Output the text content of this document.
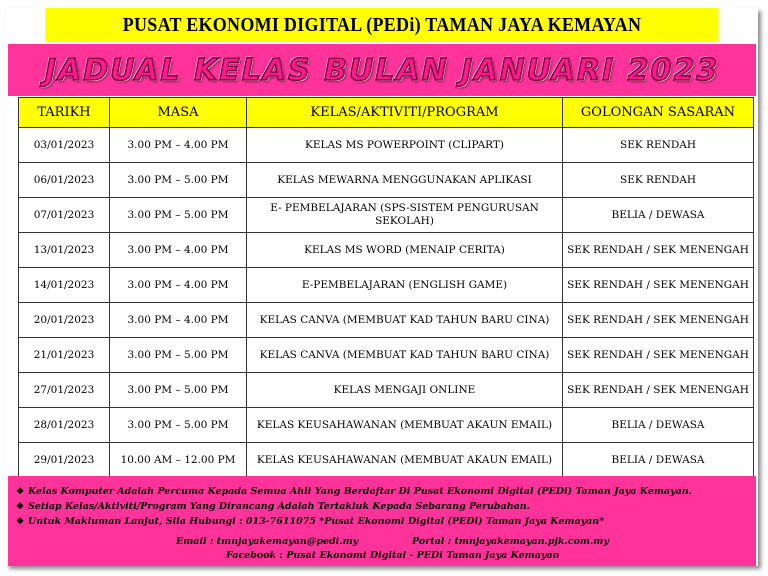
PUSAT EKONOMI DIGITAL (PEDi) TAMAN JAYA KEMAYAN
JADUAL KELAS BULAN JANUARI 2023
TARIKH	MASA	KELAS/AKTIVITI/PROGRAM	GOLONGAN SASARAN
03/01/2023	3.00 PM – 4.00 PM	KELAS MS POWERPOINT (CLIPART)	SEK RENDAH
06/01/2023	3.00 PM – 5.00 PM	KELAS MEWARNA MENGGUNAKAN APLIKASI	SEK RENDAH
07/01/2023	3.00 PM – 5.00 PM	E- PEMBELAJARAN (SPS-SISTEM PENGURUSAN SEKOLAH)	BELIA / DEWASA
13/01/2023	3.00 PM – 4.00 PM	KELAS MS WORD (MENAIP CERITA)	SEK RENDAH / SEK MENENGAH
14/01/2023	3.00 PM – 4.00 PM	E-PEMBELAJARAN (ENGLISH GAME)	SEK RENDAH / SEK MENENGAH
20/01/2023	3.00 PM – 4.00 PM	KELAS CANVA (MEMBUAT KAD TAHUN BARU CINA)	SEK RENDAH / SEK MENENGAH
21/01/2023	3.00 PM – 5.00 PM	KELAS CANVA (MEMBUAT KAD TAHUN BARU CINA)	SEK RENDAH / SEK MENENGAH
27/01/2023	3.00 PM – 5.00 PM	KELAS MENGAJI ONLINE	SEK RENDAH / SEK MENENGAH
28/01/2023	3.00 PM – 5.00 PM	KELAS KEUSAHAWANAN (MEMBUAT AKAUN EMAIL)	BELIA / DEWASA
29/01/2023	10.00 AM – 12.00 PM	KELAS KEUSAHAWANAN (MEMBUAT AKAUN EMAIL)	BELIA / DEWASA
❖ Kelas Komputer Adalah Percuma Kepada Semua Ahli Yang Berdaftar Di Pusat Ekonomi Digital (PEDi) Taman Jaya Kemayan.
❖ Setiap Kelas/Aktiviti/Program Yang Dirancang Adalah Tertakluk Kepada Sebarang Perubahan.
❖ Untuk Makluman Lanjut, Sila Hubungi : 013-7611075 *Pusat Ekonomi Digital (PEDi) Taman Jaya Kemayan*
Email : tmnjayakemayan@pedi.my	Portal : tmnjayakemayan.pjk.com.my
Facebook : Pusat Ekonomi Digital - PEDi Taman Jaya Kemayan
